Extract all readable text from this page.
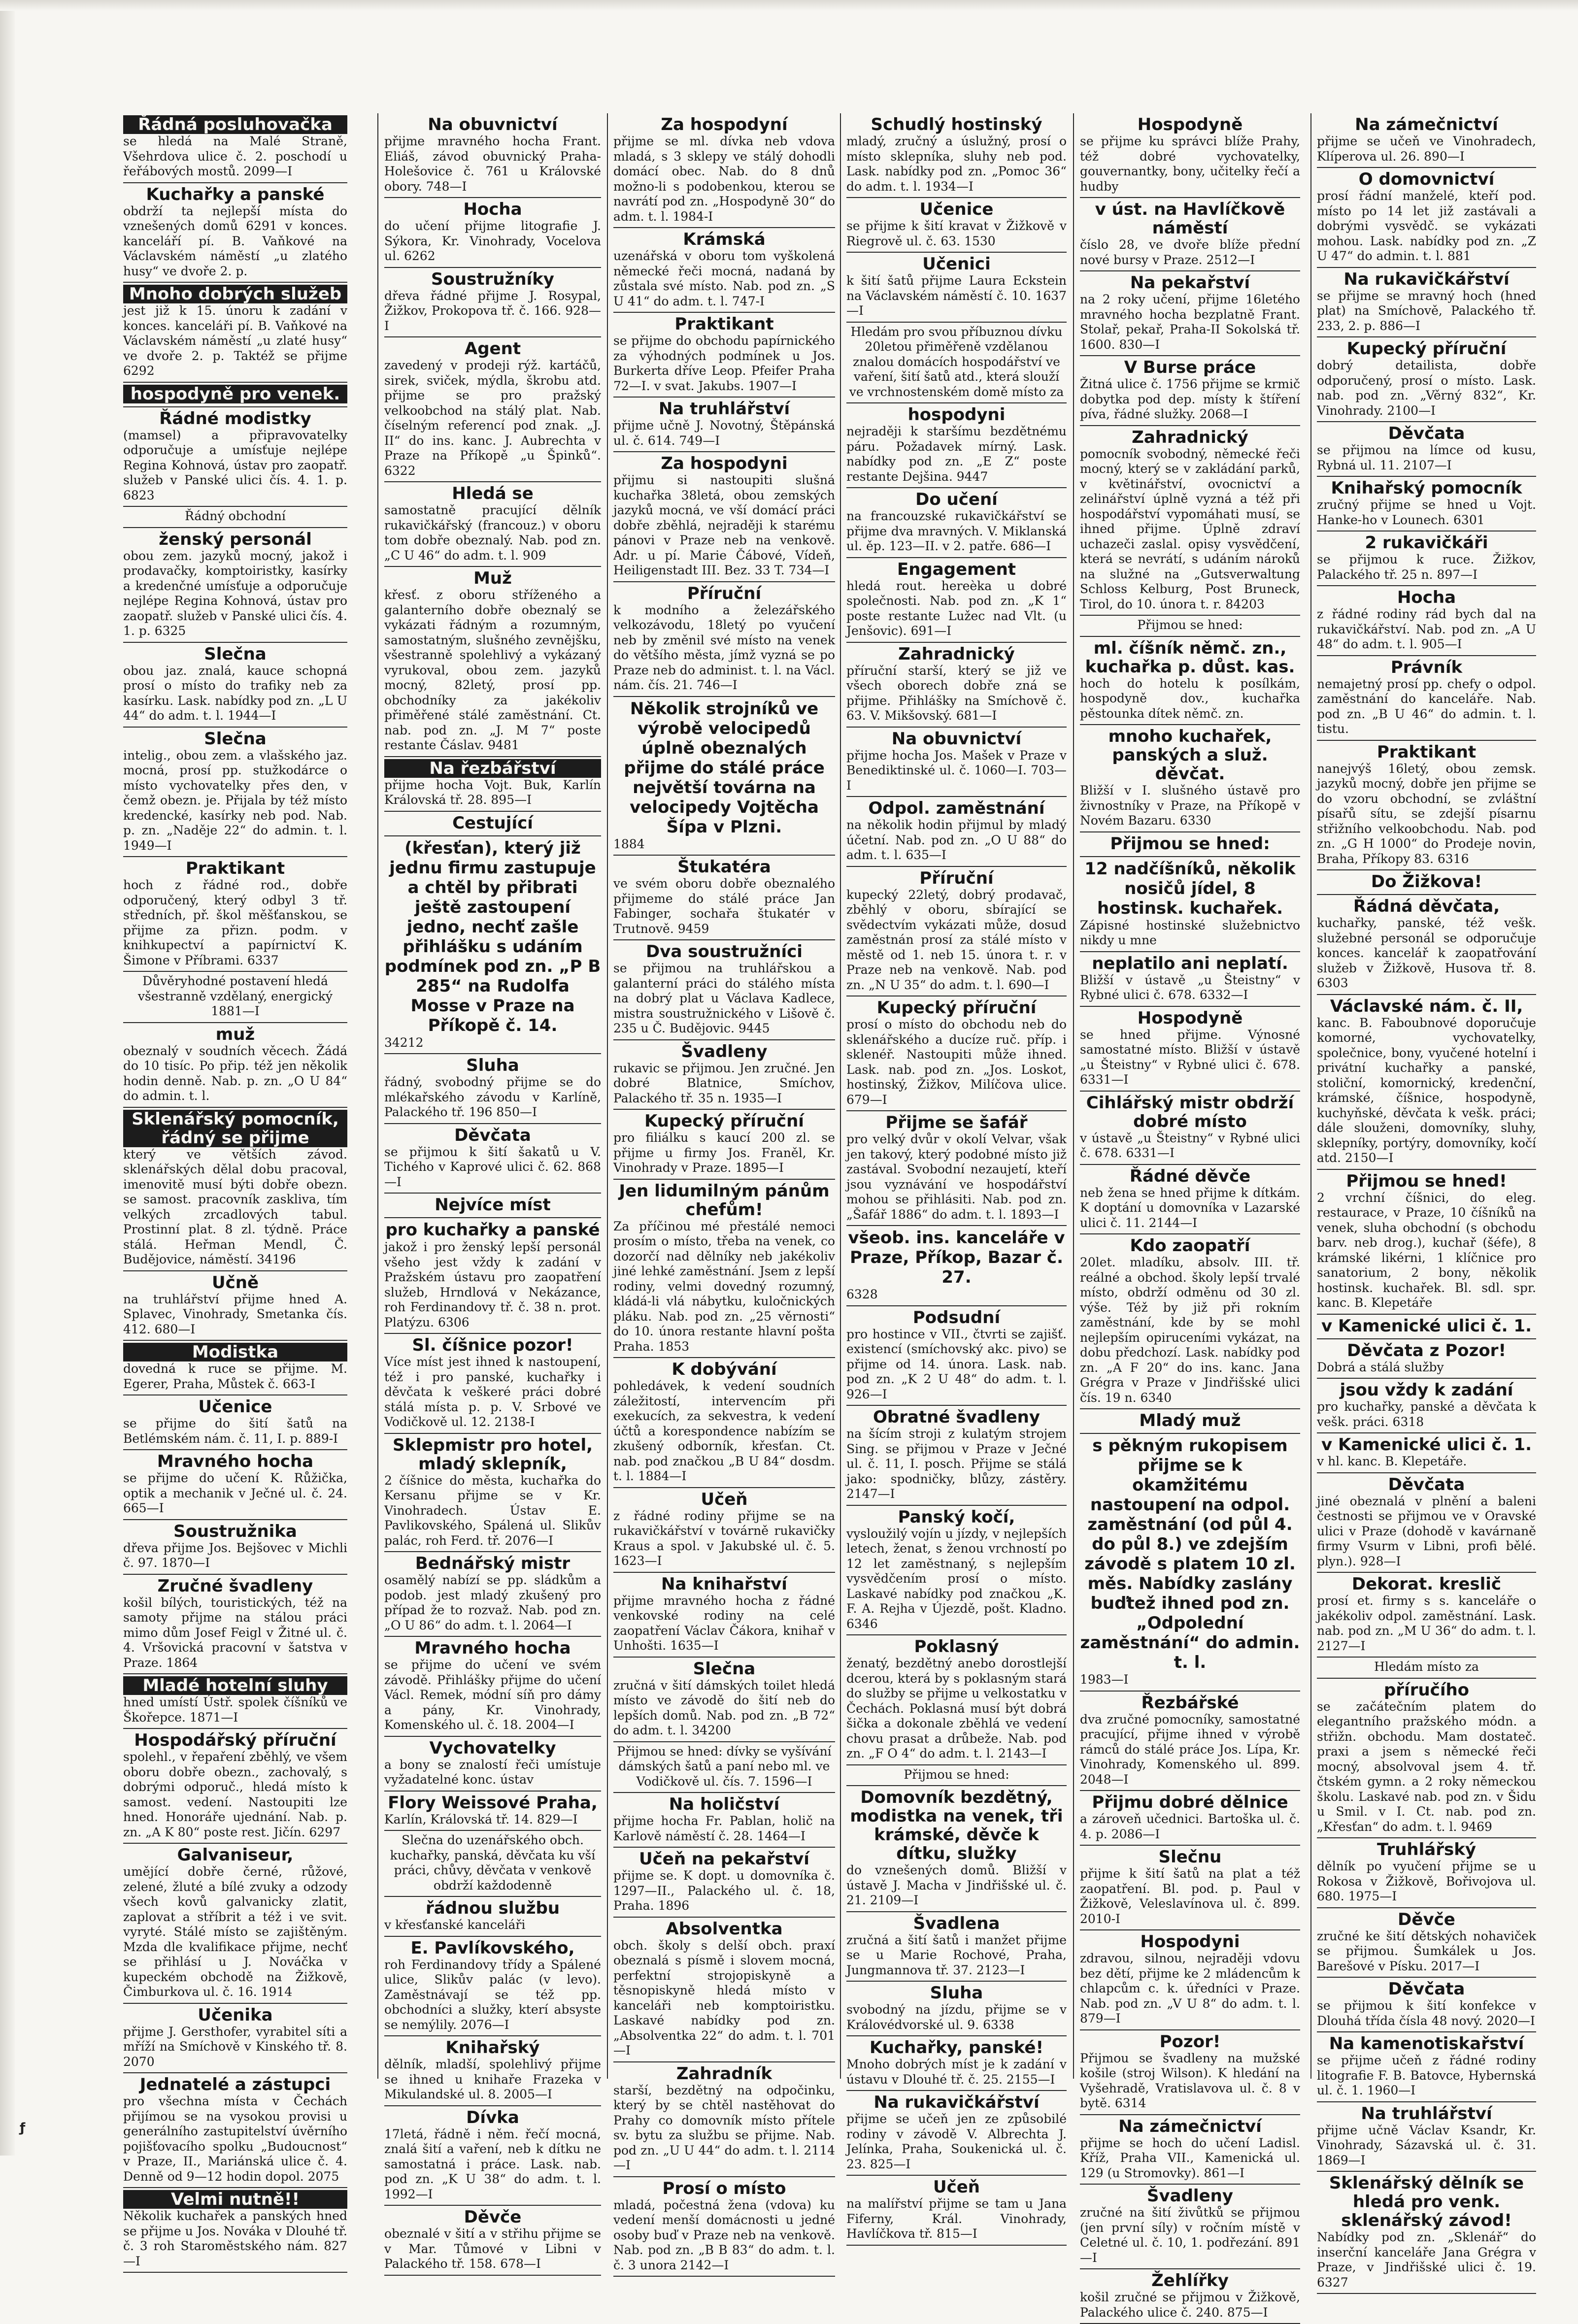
Řádná posluhovačka

se hledá na Malé Straně, Všehrdova ulice č. 2. poschodí u řeřábových mostů. 2099—I

Kuchařky a panské

obdrží ta nejlepší místa do vznešených domů 6291 v konces. kanceláří pí. B. Vaňkové na Václavském náměstí „u zlatého husy“ ve dvoře 2. p.

Mnoho dobrých služeb

jest již k 15. únoru k zadání v konces. kanceláři pí. B. Vaňkové na Václavském náměstí „u zlaté husy“ ve dvoře 2. p. Taktéž se přijme 6292

hospodyně pro venek.

Řádné modistky

(mamsel) a připravovatelky odporučuje a umísťuje nejlépe Regina Kohnová, ústav pro zaopatř. služeb v Panské ulici čís. 4. 1. p. 6823

Řádný obchodní

ženský personál

obou zem. jazyků mocný, jakož i prodavačky, komptoiristky, kasírky a kredenčné umísťuje a odporučuje nejlépe Regina Kohnová, ústav pro zaopatř. služeb v Panské ulici čís. 4. 1. p. 6325

Slečna

obou jaz. znalá, kauce schopná prosí o místo do trafiky neb za kasírku. Lask. nabídky pod zn. „L U 44“ do adm. t. l. 1944—I

Slečna

intelig., obou zem. a vlašského jaz. mocná, prosí pp. stužkodárce o místo vychovatelky přes den, v čemž obezn. je. Přijala by též místo kredencké, kasírky neb pod. Nab. p. zn. „Naděje 22“ do admin. t. l. 1949—I

Praktikant

hoch z řádné rod., dobře odporučený, který odbyl 3 tř. středních, př. škol měšťanskou, se přijme za přizn. podm. v knihkupectví a papírnictví K. Šimone v Příbrami. 6337

Důvěryhodné postavení hledá všestranně vzdělaný, energický 1881—I

muž

obeznalý v soudních věcech. Žádá do 10 tisíc. Po přip. též jen několik hodin denně. Nab. p. zn. „O U 84“ do admin. t. l.

Sklenářský pomocník, řádný se přijme

který ve větších závod. sklenářských dělal dobu pracoval, imenovitě musí býti dobře obezn. se samost. pracovník zaskliva, tím velkých zrcadlových tabul. Prostinní plat. 8 zl. týdně. Práce stálá. Heřman Mendl, Č. Budějovice, náměstí. 34196

Učně

na truhlářství přijme hned A. Splavec, Vinohrady, Smetanka čís. 412. 680—I

Modistka

dovedná k ruce se přijme. M. Egerer, Praha, Můstek č. 663-I

Učenice

se přijme do šití šatů na Betlémském nám. č. 11, I. p. 889-I

Mravného hocha

se přijme do učení K. Růžička, optik a mechanik v Ječné ul. č. 24. 665—I

Soustružnika

dřeva přijme Jos. Bejšovec v Michli č. 97. 1870—I

Zručné švadleny

košil bílých, touristických, též na samoty přijme na stálou práci mimo dům Josef Feigl v Žitné ul. č. 4. Vršovická pracovní v šatstva v Praze. 1864

Mladé hotelní sluhy

hned umístí Ústř. spolek číšníků ve Škořepce. 1871—I

Hospodářský příruční

spolehl., v řepaření zběhlý, ve všem oboru dobře obezn., zachovalý, s dobrými odporuč., hledá místo k samost. vedení. Nastoupiti lze hned. Honoráře ujednání. Nab. p. zn. „A K 80“ poste rest. Jičín. 6297

Galvaniseur,

umějící dobře černé, růžové, zelené, žluté a bílé zvuky a odzody všech kovů galvanicky zlatit, zaplovat a stříbrit a též i ve svit. vyryté. Stálé místo se zajištěným. Mzda dle kvalifikace přijme, nechť se přihlásí u J. Nováčka v kupeckém obchodě na Žižkově, Čimburkova ul. č. 16. 1914

Učenika

přijme J. Gersthofer, vyrabitel síti a mříží na Smíchově v Kinského tř. 8. 2070

Jednatelé a zástupci

pro všechna místa v Čechách přijímou se na vysokou provisi u generálního zastupitelství úvěrního pojišťovacího spolku „Budoucnost“ v Praze, II., Mariánská ulice č. 4. Denně od 9—12 hodin dopol. 2075

Velmi nutně!!

Několik kuchařek a panských hned se přijme u Jos. Nováka v Dlouhé tř. č. 3 roh Staroměstského nám. 827—I

Na obuvnictví

přijme mravného hocha Frant. Eliáš, závod obuvnický Praha-Holešovice č. 761 u Královské obory. 748—I

Hocha

do učení přijme litografie J. Sýkora, Kr. Vinohrady, Vocelova ul. 6262

Soustružníky

dřeva řádné přijme J. Rosypal, Žižkov, Prokopova tř. č. 166. 928—I

Agent

zavedený v prodeji rýž. kartáčů, sirek, sviček, mýdla, škrobu atd. přijme se pro pražský velkoobchod na stálý plat. Nab. číselným referencí pod znak. „J. II“ do ins. kanc. J. Aubrechta v Praze na Příkopě „u Špinků“. 6322

Hledá se

samostatně pracující dělník rukavičkářský (francouz.) v oboru tom dobře obeznalý. Nab. pod zn. „C U 46“ do adm. t. l. 909

Muž

křesť. z oboru stříženého a galanterního dobře obeznalý se vykázati řádným a rozumným, samostatným, slušného zevnějšku, všestranně spolehlivý a vykázaný vyrukoval, obou zem. jazyků mocný, 82letý, prosí pp. obchodníky za jakékoliv přiměřené stálé zaměstnání. Ct. nab. pod zn. „J. M 7“ poste restante Čáslav. 9481

Na řezbářství

přijme hocha Vojt. Buk, Karlín Královská tř. 28. 895—I

Cestující

(křesťan), který již jednu firmu zastupuje a chtěl by přibrati ještě zastoupení jedno, nechť zašle přihlášku s udáním podmínek pod zn. „P B 285“ na Rudolfa Mosse v Praze na Příkopě č. 14.

34212

Sluha

řádný, svobodný přijme se do mlékařského závodu v Karlíně, Palackého tř. 196 850—I

Děvčata

se přijmou k šití šakatů u V. Tichého v Kaprové ulici č. 62. 868—I

Nejvíce míst

pro kuchařky a panské

jakož i pro ženský lepší personál všeho jest vždy k zadání v Pražském ústavu pro zaopatření služeb, Hrndlová v Nekázance, roh Ferdinandovy tř. č. 38 n. prot. Platýzu. 6306

Sl. číšnice pozor!

Více míst jest ihned k nastoupení, též i pro panské, kuchařky i děvčata k veškeré práci dobré stálá místa p. p. V. Srbové ve Vodičkově ul. 12. 2138-I

Sklepmistr pro hotel, mladý sklepník,

2 číšnice do města, kuchařka do Kersanu přijme se v Kr. Vinohradech. Ústav E. Pavlikovského, Spálená ul. Slikův palác, roh Ferd. tř. 2076—I

Bednářský mistr

osamělý nabízí se pp. sládkům a podob. jest mladý zkušený pro případ že to rozvaž. Nab. pod zn. „O U 86“ do adm. t. l. 2064—I

Mravného hocha

se přijme do učení ve svém závodě. Přihlášky přijme do učení Václ. Remek, módní síň pro dámy a pány, Kr. Vinohrady, Komenského ul. č. 18. 2004—I

Vychovatelky

a bony se znalostí řeči umístuje vyžadatelné konc. ústav

Flory Weissové Praha,

Karlín, Královská tř. 14. 829—I

Slečna do uzenářského obch. kuchařky, panská, děvčata ku vší práci, chůvy, děvčata v venkově obdrží každodenně

řádnou službu

v křesťanské kanceláři

E. Pavlíkovského,

roh Ferdinandovy třídy a Spálené ulice, Slikův palác (v levo). Zaměstnávají se též pp. obchodníci a služky, kterí absyste se nemýlily. 2076—I

Knihařský

dělník, mladší, spolehlivý přijme se ihned u knihaře Frazeka v Mikulandské ul. 8. 2005—I

Dívka

17letá, řádně i něm. řečí mocná, znalá šití a vaření, neb k dítku ne samostatná i práce. Lask. nab. pod zn. „K U 38“ do adm. t. l. 1992—I

Děvče

obeznalé v šití a v střihu přijme se v Mar. Tůmové v Libni v Palackého tř. 158. 678—I

Za hospodyní

přijme se ml. dívka neb vdova mladá, s 3 sklepy ve stálý dohodli domácí obec. Nab. do 8 dnů možno-li s podobenkou, kterou se navrátí pod zn. „Hospodyně 30“ do adm. t. l. 1984-I

Krámská

uzenářská v oboru tom vyškolená německé řeči mocná, nadaná by zůstala své místo. Nab. pod zn. „S U 41“ do adm. t. l. 747-I

Praktikant

se přijme do obchodu papírnického za výhodných podmínek u Jos. Burkerta dříve Leop. Pfeifer Praha 72—I. v svat. Jakubs. 1907—I

Na truhlářství

přijme učně J. Novotný, Štěpánská ul. č. 614. 749—I

Za hospodyni

přijmu si nastoupiti slušná kuchařka 38letá, obou zemských jazyků mocná, ve vší domácí práci dobře zběhlá, nejraději k starému pánovi v Praze neb na venkově. Adr. u pí. Marie Čábové, Vídeň, Heiligenstadt III. Bez. 33 T. 734—I

Příruční

k modního a železářského velkozávodu, 18letý po vyučení neb by změnil své místo na venek do většího města, jímž vyzná se po Praze neb do administ. t. l. na Václ. nám. čís. 21. 746—I

Několik strojníků ve výrobě velocipedů úplně obeznalých přijme do stálé práce největší továrna na velocipedy Vojtěcha Šípa v Plzni.

1884

Štukatéra

ve svém oboru dobře obeznalého přijmeme do stálé práce Jan Fabinger, sochařa štukatér v Trutnově. 9459

Dva soustružníci

se přijmou na truhlářskou a galanterní práci do stálého místa na dobrý plat u Václava Kadlece, mistra soustružnického v Lišově č. 235 u Č. Budějovic. 9445

Švadleny

rukavic se přijmou. Jen zručné. Jen dobré Blatnice, Smíchov, Palackého tř. 35 n. 1935—I

Kupecký příruční

pro filiálku s kaucí 200 zl. se přijme u firmy Jos. Franěl, Kr. Vinohrady v Praze. 1895—I

Jen lidumilným pánům chefům!

Za příčinou mé přestálé nemoci prosím o místo, třeba na venek, co dozorčí nad dělníky neb jakékoliv jiné lehké zaměstnání. Jsem z lepší rodiny, velmi dovedný rozumný, kládá-li vlá nábytku, kuločnických pláku. Nab. pod zn. „25 věrnosti“ do 10. února restante hlavní pošta Praha. 1853

K dobývání

pohledávek, k vedení soudních záležitostí, intervencím při exekucích, za sekvestra, k vedení účtů a korespondence nabízím se zkušený odborník, křesťan. Ct. nab. pod značkou „B U 84“ dosdm. t. l. 1884—I

Učeň

z řádné rodiny přijme se na rukavičkářství v továrně rukavičky Kraus a spol. v Jakubské ul. č. 5. 1623—I

Na knihařství

přijme mravného hocha z řádné venkovské rodiny na celé zaopatření Václav Čákora, knihař v Unhošti. 1635—I

Slečna

zručná v šití dámských toilet hledá místo ve závodě do šití neb do lepších domů. Nab. pod zn. „B 72“ do adm. t. l. 34200

Přijmou se hned: dívky se vyšívání dámských šatů a paní nebo ml. ve Vodičkově ul. čís. 7. 1596—I

Na holičství

přijme hocha Fr. Pablan, holič na Karlově náměstí č. 28. 1464—I

Učeň na pekařství

přijme se. K dopt. u domovníka č. 1297—II., Palackého ul. č. 18, Praha. 1896

Absolventka

obch. školy s delší obch. praxí obeznalá s písmě i slovem mocná, perfektní strojopiskyně a těsnopiskyně hledá místo v kanceláři neb komptoiristku. Laskavé nabídky pod zn. „Absolventka 22“ do adm. t. l. 701—I

Zahradník

starší, bezdětný na odpočinku, který by se chtěl nastěhovat do Prahy co domovník místo přítele sv. bytu za službu se přijme. Nab. pod zn. „U U 44“ do adm. t. l. 2114—I

Prosí o místo

mladá, počestná žena (vdova) ku vedení menší domácnosti u jedné osoby buď v Praze neb na venkově. Nab. pod zn. „B B 83“ do adm. t. l. č. 3 unora 2142—I

Schudlý hostinský

mladý, zručný a úslužný, prosí o místo sklepníka, sluhy neb pod. Lask. nabídky pod zn. „Pomoc 36“ do adm. t. l. 1934—I

Učenice

se přijme k šití kravat v Žižkově v Riegrově ul. č. 63. 1530

Učenici

k šití šatů přijme Laura Eckstein na Václavském náměstí č. 10. 1637—I

Hledám pro svou příbuznou dívku 20letou přiměřeně vzdělanou znalou domácích hospodářství ve vaření, šití šatů atd., která slouží ve vrchnostenském domě místo za

hospodyni

nejraději k staršímu bezdětnému páru. Požadavek mírný. Lask. nabídky pod zn. „E Z“ poste restante Dejšina. 9447

Do učení

na francouzské rukavičkářství se přijme dva mravných. V. Miklanská ul. ěp. 123—II. v 2. patře. 686—I

Engagement

hledá rout. hereèka u dobré společnosti. Nab. pod zn. „K 1“ poste restante Lužec nad Vlt. (u Jenšovic). 691—I

Zahradnický

příruční starší, který se již ve všech oborech dobře zná se přijme. Přihlášky na Smíchově č. 63. V. Mikšovský. 681—I

Na obuvnictví

přijme hocha Jos. Mašek v Praze v Benediktinské ul. č. 1060—I. 703—I

Odpol. zaměstnání

na několik hodin přijmul by mladý účetní. Nab. pod zn. „O U 88“ do adm. t. l. 635—I

Příruční

kupecký 22letý, dobrý prodavač, zběhlý v oboru, sbírající se svědectvím vykázati může, dosud zaměstnán prosí za stálé místo v městě od 1. neb 15. února t. r. v Praze neb na venkově. Nab. pod zn. „N U 35“ do adm. t. l. 690—I

Kupecký příruční

prosí o místo do obchodu neb do sklenářského a ducíze ruč. příp. i sklenéř. Nastoupiti může ihned. Lask. nab. pod zn. „Jos. Loskot, hostinský, Žižkov, Milíčova ulice. 679—I

Přijme se šafář

pro velký dvůr v okolí Velvar, však jen takový, který podobné místo již zastával. Svobodní nezaujetí, kteří jsou vyznávání ve hospodářství mohou se přihlásiti. Nab. pod zn. „Šafář 1886“ do adm. t. l. 1893—I

všeob. ins. kanceláře v Praze, Příkop, Bazar č. 27.

6328

Podsudní

pro hostince v VII., čtvrti se zajišť. existencí (smíchovský akc. pivo) se přijme od 14. února. Lask. nab. pod zn. „K 2 U 48“ do adm. t. l. 926—I

Obratné švadleny

na šícím stroji z kulatým strojem Sing. se přijmou v Praze v Ječné ul. č. 11, I. posch. Přijme se stálá jako: spodničky, blůzy, zástěry. 2147—I

Panský kočí,

vysloužilý vojín u jízdy, v nejlepších letech, ženat, s ženou vrchností po 12 let zaměstnaný, s nejlepším vysvědčením prosí o místo. Laskavé nabídky pod značkou „K. F. A. Rejha v Újezdě, pošt. Kladno. 6346

Poklasný

ženatý, bezdětný anebo dorostlejší dcerou, která by s poklasným stará do služby se přijme u velkostatku v Čechách. Poklasná musí být dobrá šička a dokonale zběhlá ve vedení chovu prasat a drůbeže. Nab. pod zn. „F O 4“ do adm. t. l. 2143—I

Přijmou se hned:

Domovník bezdětný, modistka na venek, tři krámské, děvče k dítku, služky

do vznešených domů. Bližší v ústavě J. Macha v Jindřišské ul. č. 21. 2109—I

Švadlena

zručná a šití šatů i manžet přijme se u Marie Rochové, Praha, Jungmannova tř. 37. 2123—I

Sluha

svobodný na jízdu, přijme se v Královédvorské ul. 9. 6338

Kuchařky, panské!

Mnoho dobrých míst je k zadání v ústavu v Dlouhé tř. č. 25. 2155—I

Na rukavičkářství

přijme se učeň jen ze způsobilé rodiny v závodě V. Albrechta J. Jelínka, Praha, Soukenická ul. č. 23. 825—I

Učeň

na malířství přijme se tam u Jana Fiferny, Král. Vinohrady, Havlíčkova tř. 815—I

Hospodyně

se přijme ku správci blíže Prahy, též dobré vychovatelky, gouvernantky, bony, učitelky řečí a hudby

v úst. na Havlíčkově náměstí

číslo 28, ve dvoře blíže přední nové bursy v Praze. 2512—I

Na pekařství

na 2 roky učení, přijme 16letého mravného hocha bezplatně Frant. Stolař, pekař, Praha-II Sokolská tř. 1600. 830—I

V Burse práce

Žitná ulice č. 1756 přijme se krmič dobytka pod dep. místy k štíření píva, řádné služky. 2068—I

Zahradnický

pomocník svobodný, německé řeči mocný, který se v zakládání parků, v květinářství, ovocnictví a zelinářství úplně vyzná a též při hospodářství vypomáhati musí, se ihned přijme. Úplně zdraví uchazeči zaslal. opisy vysvědčení, která se nevrátí, s udáním nároků na služné na „Gutsverwaltung Schloss Kelburg, Post Bruneck, Tirol, do 10. února t. r. 84203

Přijmou se hned:

ml. číšník němč. zn., kuchařka p. důst. kas.

hoch do hotelu k posílkám, hospodyně dov., kuchařka pěstounka dítek němč. zn.

mnoho kuchařek, panských a služ. děvčat.

Bližší v I. slušného ústavě pro živnostníky v Praze, na Příkopě v Novém Bazaru. 6330

Přijmou se hned:

12 nadčíšníků, několik nosičů jídel, 8 hostinsk. kuchařek.

Zápisné hostinské služebnictvo nikdy u mne

neplatilo ani neplatí.

Bližší v ústavě „u Šteistny“ v Rybné ulici č. 678. 6332—I

Hospodyně

se hned přijme. Výnosné samostatné místo. Bližší v ústavě „u Šteistny“ v Rybné ulici č. 678. 6331—I

Cihlářský mistr obdrží dobré místo

v ústavě „u Šteistny“ v Rybné ulici č. 678. 6331—I

Řádné děvče

neb žena se hned přijme k dítkám. K doptání u domovníka v Lazarské ulici č. 11. 2144—I

Kdo zaopatří

20let. mladíku, absolv. III. tř. reálné a obchod. školy lepší trvalé místo, obdrží odměnu od 30 zl. výše. Též by již při rokním zaměstnání, kde by se mohl nejlepším opiruceními vykázat, na dobu předchozí. Lask. nabídky pod zn. „A F 20“ do ins. kanc. Jana Grégra v Praze v Jindřišské ulici čís. 19 n. 6340

Mladý muž

s pěkným rukopisem přijme se k okamžitému nastoupení na odpol. zaměstnání (od půl 4. do půl 8.) ve zdejším závodě s platem 10 zl. měs. Nabídky zaslány buďtež ihned pod zn. „Odpolední zaměstnání“ do admin. t. l.

1983—I

Řezbářské

dva zručné pomocníky, samostatné pracující, přijme ihned v výrobě rámců do stálé práce Jos. Lípa, Kr. Vinohrady, Komenského ul. 899. 2048—I

Přijmu dobré dělnice

a zároveň učednici. Bartoška ul. č. 4. p. 2086—I

Slečnu

přijme k šití šatů na plat a též zaopatření. Bl. pod. p. Paul v Žižkově, Veleslavínova ul. č. 899. 2010-I

Hospodyni

zdravou, silnou, nejraději vdovu bez dětí, přijme ke 2 mládencům k chlapcům c. k. úředníci v Praze. Nab. pod zn. „V U 8“ do adm. t. l. 879—I

Pozor!

Přijmou se švadleny na mužské košile (stroj Wilson). K hledání na Vyšehradě, Vratislavova ul. č. 8 v bytě. 6314

Na zámečnictví

přijme se hoch do učení Ladisl. Kříž, Praha VII., Kamenická ul. 129 (u Stromovky). 861—I

Švadleny

zručné na šití živůtků se přijmou (jen první síly) v ročním místě v Celetné ul. č. 10, 1. podřezání. 891—I

Žehlířky

košil zručné se přijmou v Žižkově, Palackého ulice č. 240. 875—I

Na zámečnictví

přijme se učeň ve Vinohradech, Klíperova ul. 26. 890—I

O domovnictví

prosí řádní manželé, kteří pod. místo po 14 let již zastávali a dobrými vysvědč. se vykázati mohou. Lask. nabídky pod zn. „Z U 47“ do admin. t. l. 881

Na rukavičkářství

se přijme se mravný hoch (hned plat) na Smíchově, Palackého tř. 233, 2. p. 886—I

Kupecký příruční

dobrý detailista, dobře odporučený, prosí o místo. Lask. nab. pod zn. „Věrný 832“, Kr. Vinohrady. 2100—I

Děvčata

se přijmou na límce od kusu, Rybná ul. 11. 2107—I

Knihařský pomocník

zručný přijme se hned u Vojt. Hanke-ho v Lounech. 6301

2 rukavičkáři

se přijmou k ruce. Žižkov, Palackého tř. 25 n. 897—I

Hocha

z řádné rodiny rád bych dal na rukavičkářství. Nab. pod zn. „A U 48“ do adm. t. l. 905—I

Právník

nemajetný prosí pp. chefy o odpol. zaměstnání do kanceláře. Nab. pod zn. „B U 46“ do admin. t. l. tistu.

Praktikant

nanejvýš 16letý, obou zemsk. jazyků mocný, dobře jen přijme se do vzoru obchodní, se zvláštní písařů sítu, se zdejší písarnu střižního velkoobchodu. Nab. pod zn. „G H 1000“ do Prodeje novin, Braha, Příkopy 83. 6316

Do Žižkova!

Řádná děvčata,

kuchařky, panské, též vešk. služebné personál se odporučuje konces. kancelář k zaopatřování služeb v Žižkově, Husova tř. 8. 6303

Václavské nám. č. II,

kanc. B. Faboubnové doporučuje komorné, vychovatelky, společnice, bony, vyučené hotelní i privátní kuchařky a panské, stoliční, komornický, kredenční, krámské, číšnice, hospodyně, kuchyňské, děvčata k vešk. práci; dále slouženi, domovníky, sluhy, sklepníky, portýry, domovníky, kočí atd. 2150—I

Přijmou se hned!

2 vrchní číšnici, do eleg. restaurace, v Praze, 10 číšníků na venek, sluha obchodní (s obchodu barv. neb drog.), kuchař (šéfe), 8 krámské likérni, 1 klíčnice pro sanatorium, 2 bony, několik hostinsk. kuchařek. Bl. sdl. spr. kanc. B. Klepetáře

v Kamenické ulici č. 1.

Děvčata z Pozor!

Dobrá a stálá služby

jsou vždy k zadání

pro kuchařky, panské a děvčata k vešk. práci. 6318

v Kamenické ulici č. 1.

v hl. kanc. B. Klepetáře.

Děvčata

jiné obeznalá v plnění a baleni čestnosti se přijmou ve v Oravské ulici v Praze (dohodě v kavárnaně firmy Vsurm v Libni, profi bělé. plyn.). 928—I

Dekorat. kreslič

prosí et. firmy s s. kanceláře o jakékoliv odpol. zaměstnání. Lask. nab. pod zn. „M U 36“ do adm. t. l. 2127—I

Hledám místo za

příručího

se začátečním platem do elegantního pražského módn. a střižn. obchodu. Mam dostateč. praxi a jsem s německé řeči mocný, absolvoval jsem 4. tř. čtském gymn. a 2 roky německou školu. Laskavé nab. pod zn. v Šidu u Smil. v I. Ct. nab. pod zn. „Křesťan“ do adm. t. l. 9469

Truhlářský

dělník po vyučení přijme se u Rokosa v Žižkově, Bořivojova ul. 680. 1975—I

Děvče

zručné ke šití dětských nohaviček se přijmou. Šumkálek u Jos. Barešové v Písku. 2017—I

Děvčata

se přijmou k šití konfekce v Dlouhá třída čísla 48 nový. 2020—I

Na kamenotiskařství

se přijme učeň z řádné rodiny litografie F. B. Batovce, Hybernská ul. č. 1. 1960—I

Na truhlářství

přijme učně Václav Ksandr, Kr. Vinohrady, Sázavská ul. č. 31. 1869—I

Sklenářský dělník se hledá pro venk. sklenářský závod!

Nabídky pod zn. „Sklenář“ do inserční kanceláře Jana Grégra v Praze, v Jindřišské ulici č. 19. 6327

ƒ
